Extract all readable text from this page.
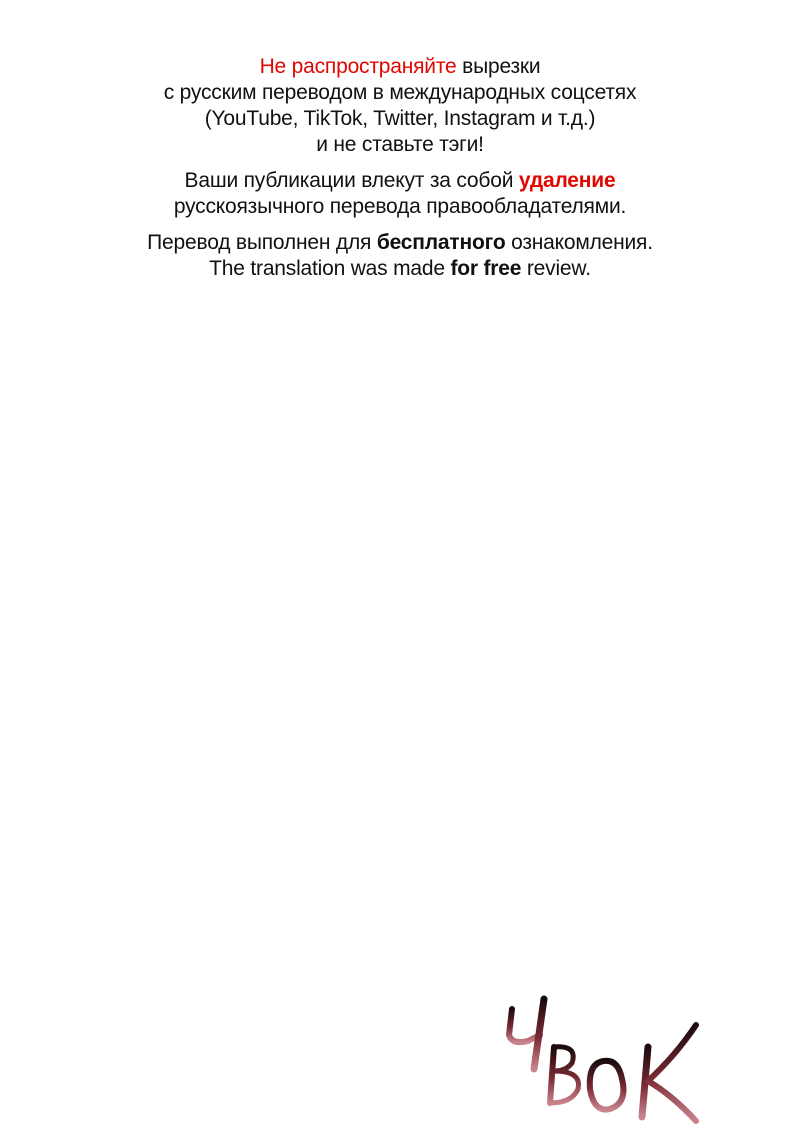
Не распространяйте вырезки
с русским переводом в международных соцсетях
(YouTube, TikTok, Twitter, Instagram и т.д.)
и не ставьте тэги!

Ваши публикации влекут за собой удаление
русскоязычного перевода правообладателями.

Перевод выполнен для бесплатного ознакомления.
The translation was made for free review.
